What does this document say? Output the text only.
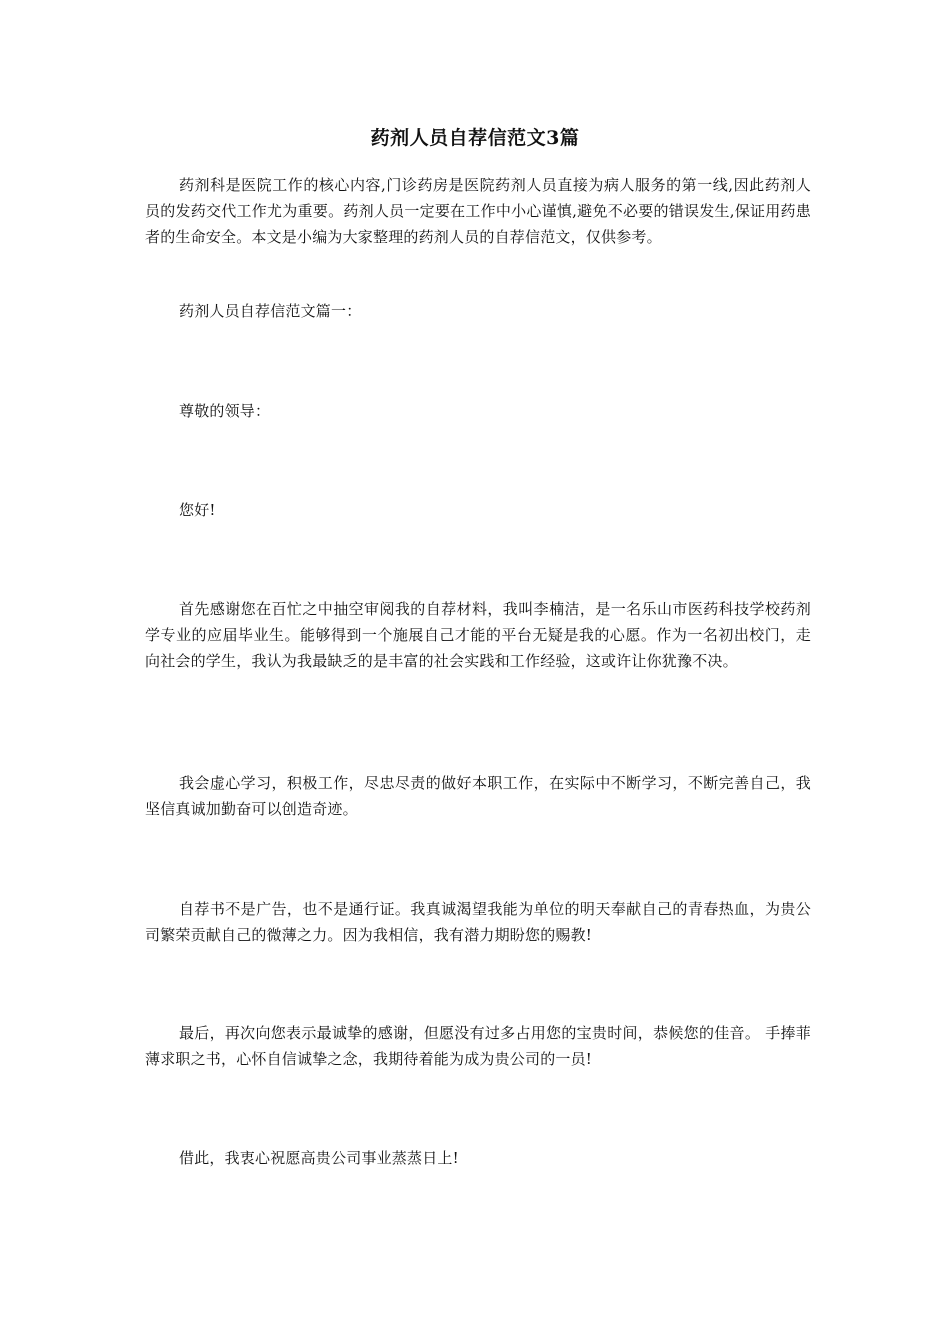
药剂人员自荐信范文3篇

药剂科是医院工作的核心内容,门诊药房是医院药剂人员直接为病人服务的第一线,因此药剂人员的发药交代工作尤为重要。药剂人员一定要在工作中小心谨慎,避免不必要的错误发生,保证用药患者的生命安全。本文是小编为大家整理的药剂人员的自荐信范文，仅供参考。

药剂人员自荐信范文篇一：

尊敬的领导：

您好!

首先感谢您在百忙之中抽空审阅我的自荐材料，我叫李楠洁，是一名乐山市医药科技学校药剂学专业的应届毕业生。能够得到一个施展自己才能的平台无疑是我的心愿。作为一名初出校门，走向社会的学生，我认为我最缺乏的是丰富的社会实践和工作经验，这或许让你犹豫不决。

我会虚心学习，积极工作，尽忠尽责的做好本职工作，在实际中不断学习，不断完善自己，我坚信真诚加勤奋可以创造奇迹。

自荐书不是广告，也不是通行证。我真诚渴望我能为单位的明天奉献自己的青春热血，为贵公司繁荣贡献自己的微薄之力。因为我相信，我有潜力期盼您的赐教!

最后，再次向您表示最诚挚的感谢，但愿没有过多占用您的宝贵时间，恭候您的佳音。 手捧菲薄求职之书，心怀自信诚挚之念，我期待着能为成为贵公司的一员!

借此，我衷心祝愿高贵公司事业蒸蒸日上!
